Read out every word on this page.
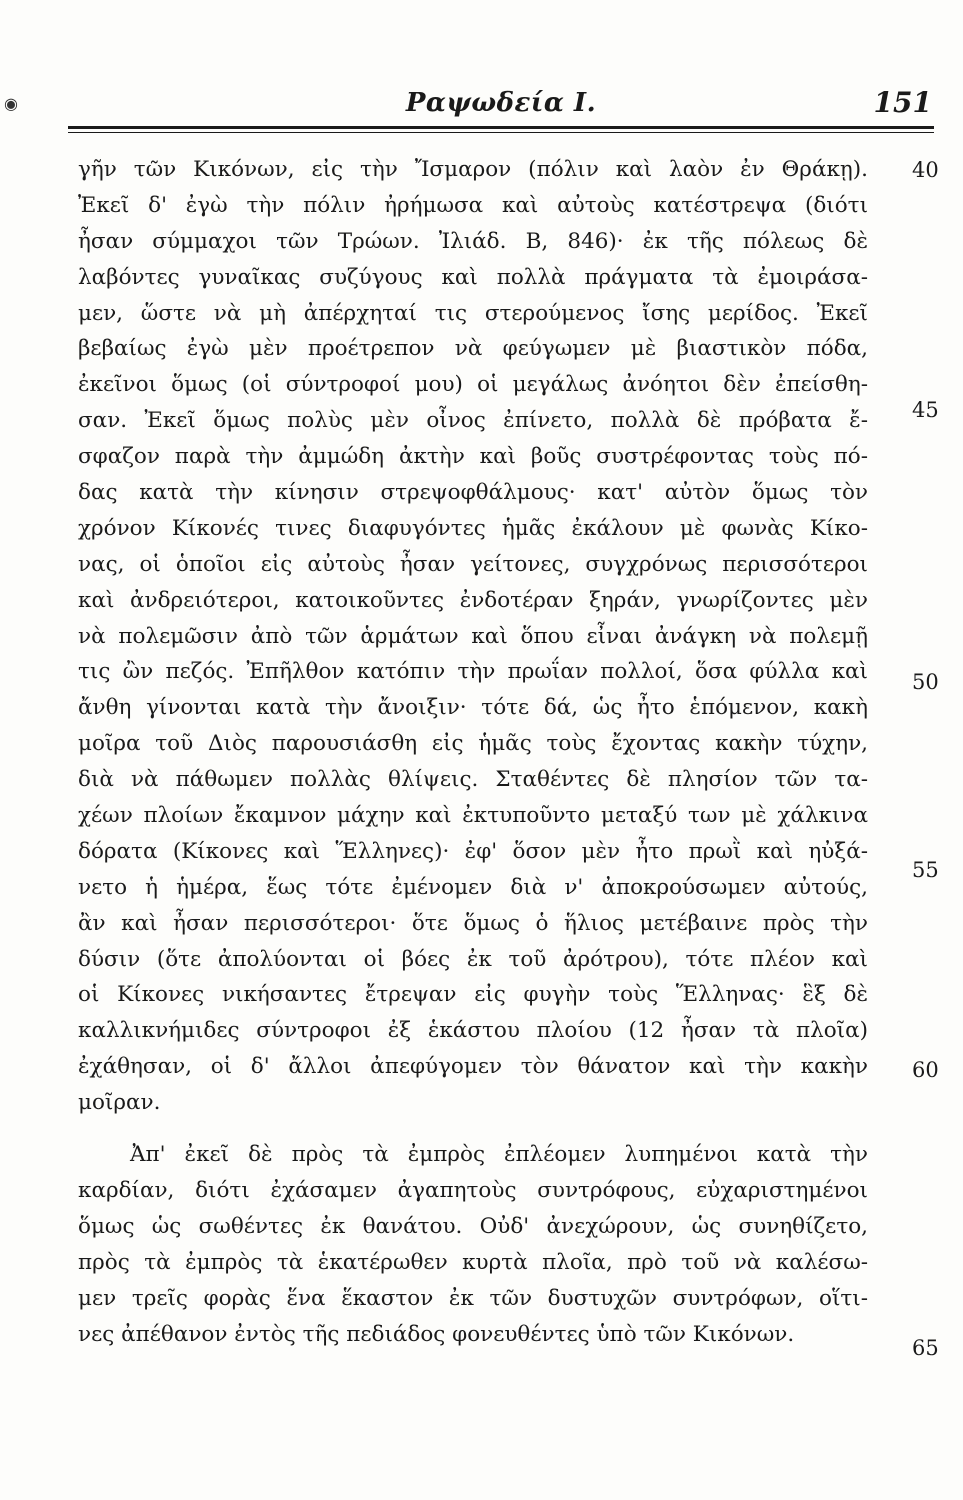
◉	Ραψωδεία Ι.	151
γῆν τῶν Κικόνων, εἰς τὴν Ἴσμαρον (πόλιν καὶ λαὸν ἐν Θράκῃ).
Ἐκεῖ δ' ἐγὼ τὴν πόλιν ἠρήμωσα καὶ αὐτοὺς κατέστρεψα (διότι
ἦσαν σύμμαχοι τῶν Τρώων. Ἰλιάδ. Β, 846)· ἐκ τῆς πόλεως δὲ
λαβόντες γυναῖκας συζύγους καὶ πολλὰ πράγματα τὰ ἐμοιράσα-
μεν, ὥστε νὰ μὴ ἀπέρχηταί τις στερούμενος ἴσης μερίδος. Ἐκεῖ
βεβαίως ἐγὼ μὲν προέτρεπον νὰ φεύγωμεν μὲ βιαστικὸν πόδα,
ἐκεῖνοι ὅμως (οἱ σύντροφοί μου) οἱ μεγάλως ἀνόητοι δὲν ἐπείσθη-
σαν. Ἐκεῖ ὅμως πολὺς μὲν οἶνος ἐπίνετο, πολλὰ δὲ πρόβατα ἔ-
σφαζον παρὰ τὴν ἀμμώδη ἀκτὴν καὶ βοῦς συστρέφοντας τοὺς πό-
δας κατὰ τὴν κίνησιν στρεψοφθάλμους· κατ' αὐτὸν ὅμως τὸν
χρόνον Κίκονές τινες διαφυγόντες ἡμᾶς ἐκάλουν μὲ φωνὰς Κίκο-
νας, οἱ ὁποῖοι εἰς αὐτοὺς ἦσαν γείτονες, συγχρόνως περισσότεροι
καὶ ἀνδρειότεροι, κατοικοῦντες ἐνδοτέραν ξηράν, γνωρίζοντες μὲν
νὰ πολεμῶσιν ἀπὸ τῶν ἁρμάτων καὶ ὅπου εἶναι ἀνάγκη νὰ πολεμῇ
τις ὢν πεζός. Ἐπῆλθον κατόπιν τὴν πρωΐαν πολλοί, ὅσα φύλλα καὶ
ἄνθη γίνονται κατὰ τὴν ἄνοιξιν· τότε δά, ὡς ἦτο ἑπόμενον, κακὴ
μοῖρα τοῦ Διὸς παρουσιάσθη εἰς ἡμᾶς τοὺς ἔχοντας κακὴν τύχην,
διὰ νὰ πάθωμεν πολλὰς θλίψεις. Σταθέντες δὲ πλησίον τῶν τα-
χέων πλοίων ἔκαμνον μάχην καὶ ἐκτυποῦντο μεταξύ των μὲ χάλκινα
δόρατα (Κίκονες καὶ Ἕλληνες)· ἐφ' ὅσον μὲν ἦτο πρωῒ καὶ ηὐξά-
νετο ἡ ἡμέρα, ἕως τότε ἐμένομεν διὰ ν' ἀποκρούσωμεν αὐτούς,
ἂν καὶ ἦσαν περισσότεροι· ὅτε ὅμως ὁ ἥλιος μετέβαινε πρὸς τὴν
δύσιν (ὅτε ἀπολύονται οἱ βόες ἐκ τοῦ ἀρότρου), τότε πλέον καὶ
οἱ Κίκονες νικήσαντες ἔτρεψαν εἰς φυγὴν τοὺς Ἕλληνας· ἓξ δὲ
καλλικνήμιδες σύντροφοι ἐξ ἑκάστου πλοίου (12 ἦσαν τὰ πλοῖα)
ἐχάθησαν, οἱ δ' ἄλλοι ἀπεφύγομεν τὸν θάνατον καὶ τὴν κακὴν
μοῖραν.
Ἀπ' ἐκεῖ δὲ πρὸς τὰ ἐμπρὸς ἐπλέομεν λυπημένοι κατὰ τὴν
καρδίαν, διότι ἐχάσαμεν ἀγαπητοὺς συντρόφους, εὐχαριστημένοι
ὅμως ὡς σωθέντες ἐκ θανάτου. Οὐδ' ἀνεχώρουν, ὡς συνηθίζετο,
πρὸς τὰ ἐμπρὸς τὰ ἑκατέρωθεν κυρτὰ πλοῖα, πρὸ τοῦ νὰ καλέσω-
μεν τρεῖς φορὰς ἕνα ἕκαστον ἐκ τῶν δυστυχῶν συντρόφων, οἵτι-
νες ἀπέθανον ἐντὸς τῆς πεδιάδος φονευθέντες ὑπὸ τῶν Κικόνων.
40
45
50
55
60
65
